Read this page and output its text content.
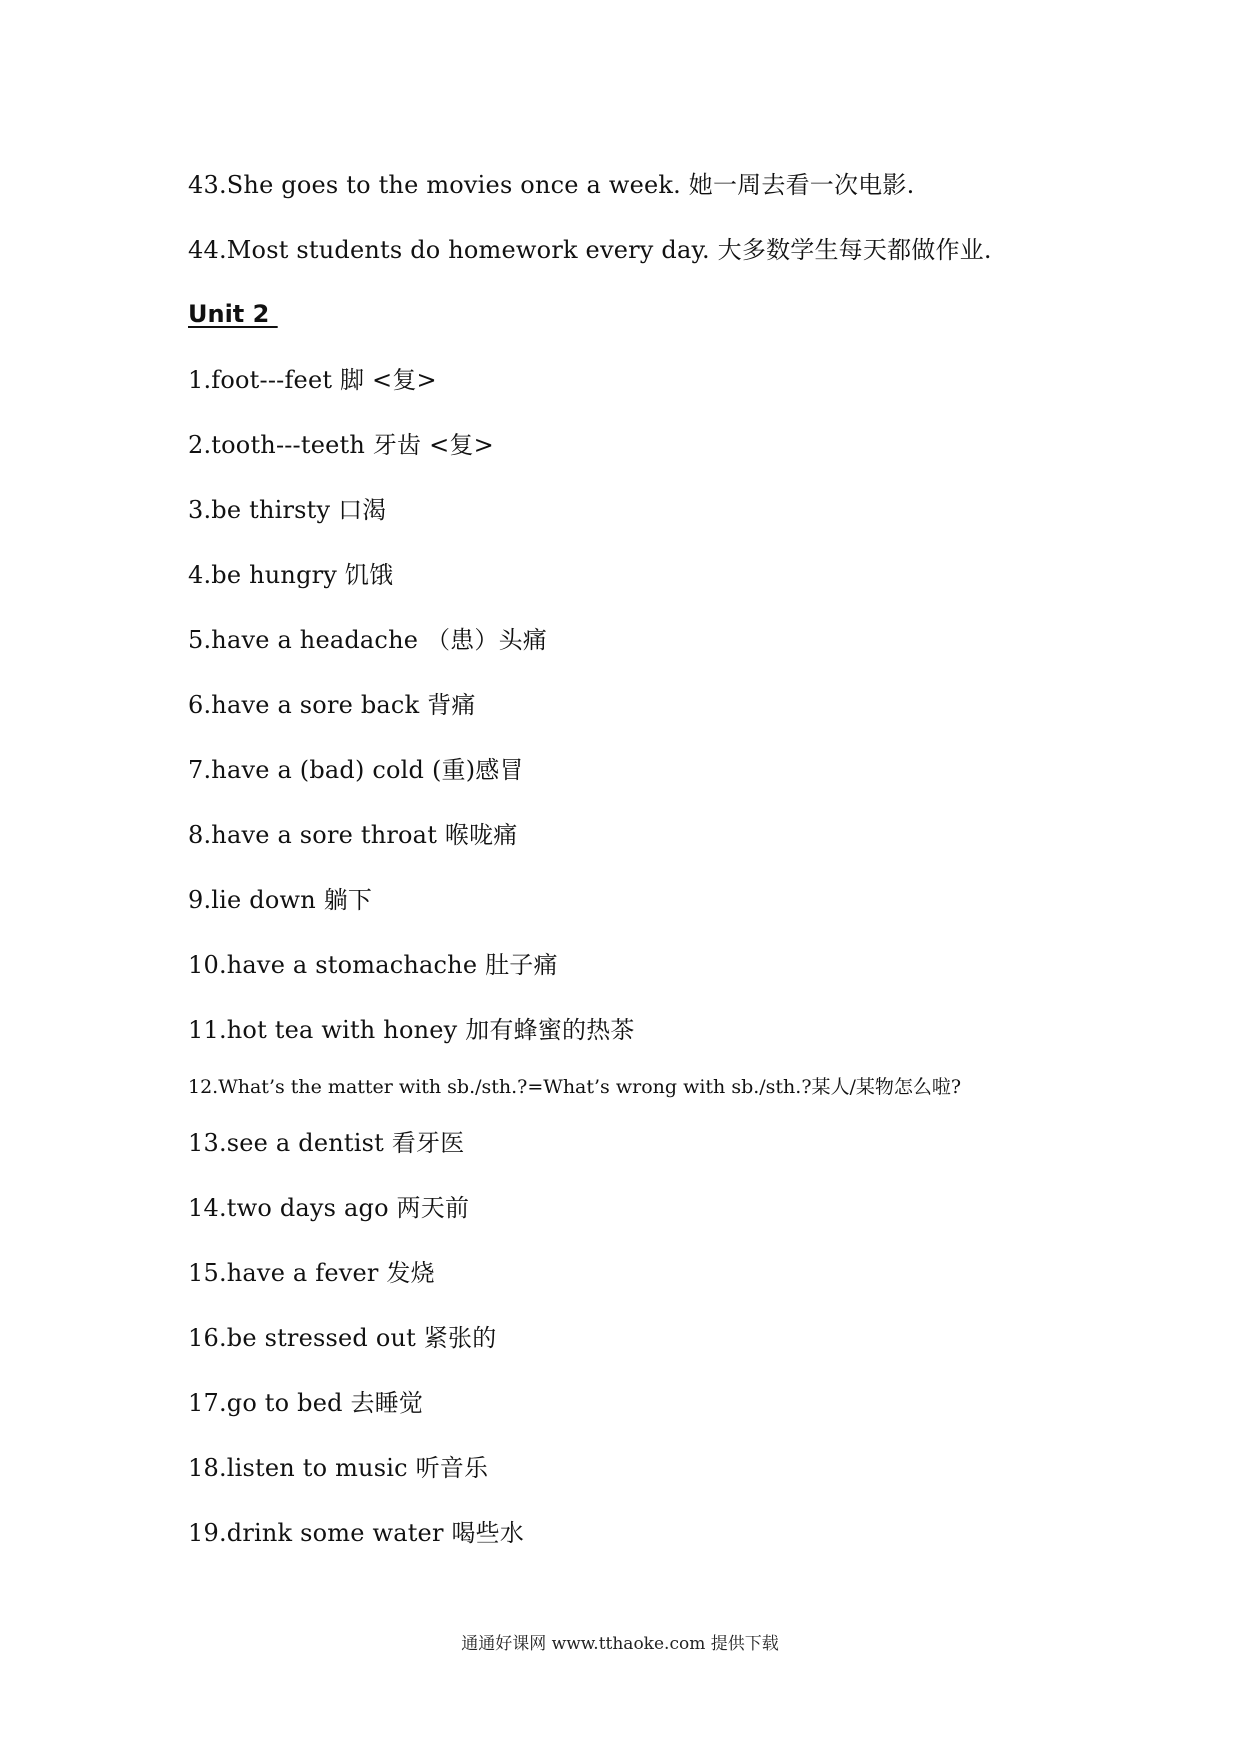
43.She goes to the movies once a week. 她一周去看一次电影.
44.Most students do homework every day. 大多数学生每天都做作业.
Unit 2
1.foot---feet 脚 <复>
2.tooth---teeth 牙齿 <复>
3.be thirsty 口渴
4.be hungry 饥饿
5.have a headache （患）头痛
6.have a sore back 背痛
7.have a (bad) cold (重)感冒
8.have a sore throat 喉咙痛
9.lie down 躺下
10.have a stomachache 肚子痛
11.hot tea with honey 加有蜂蜜的热茶
12.What’s the matter with sb./sth.?=What’s wrong with sb./sth.?某人/某物怎么啦?
13.see a dentist 看牙医
14.two days ago 两天前
15.have a fever 发烧
16.be stressed out 紧张的
17.go to bed 去睡觉
18.listen to music 听音乐
19.drink some water 喝些水
通通好课网 www.tthaoke.com 提供下载
